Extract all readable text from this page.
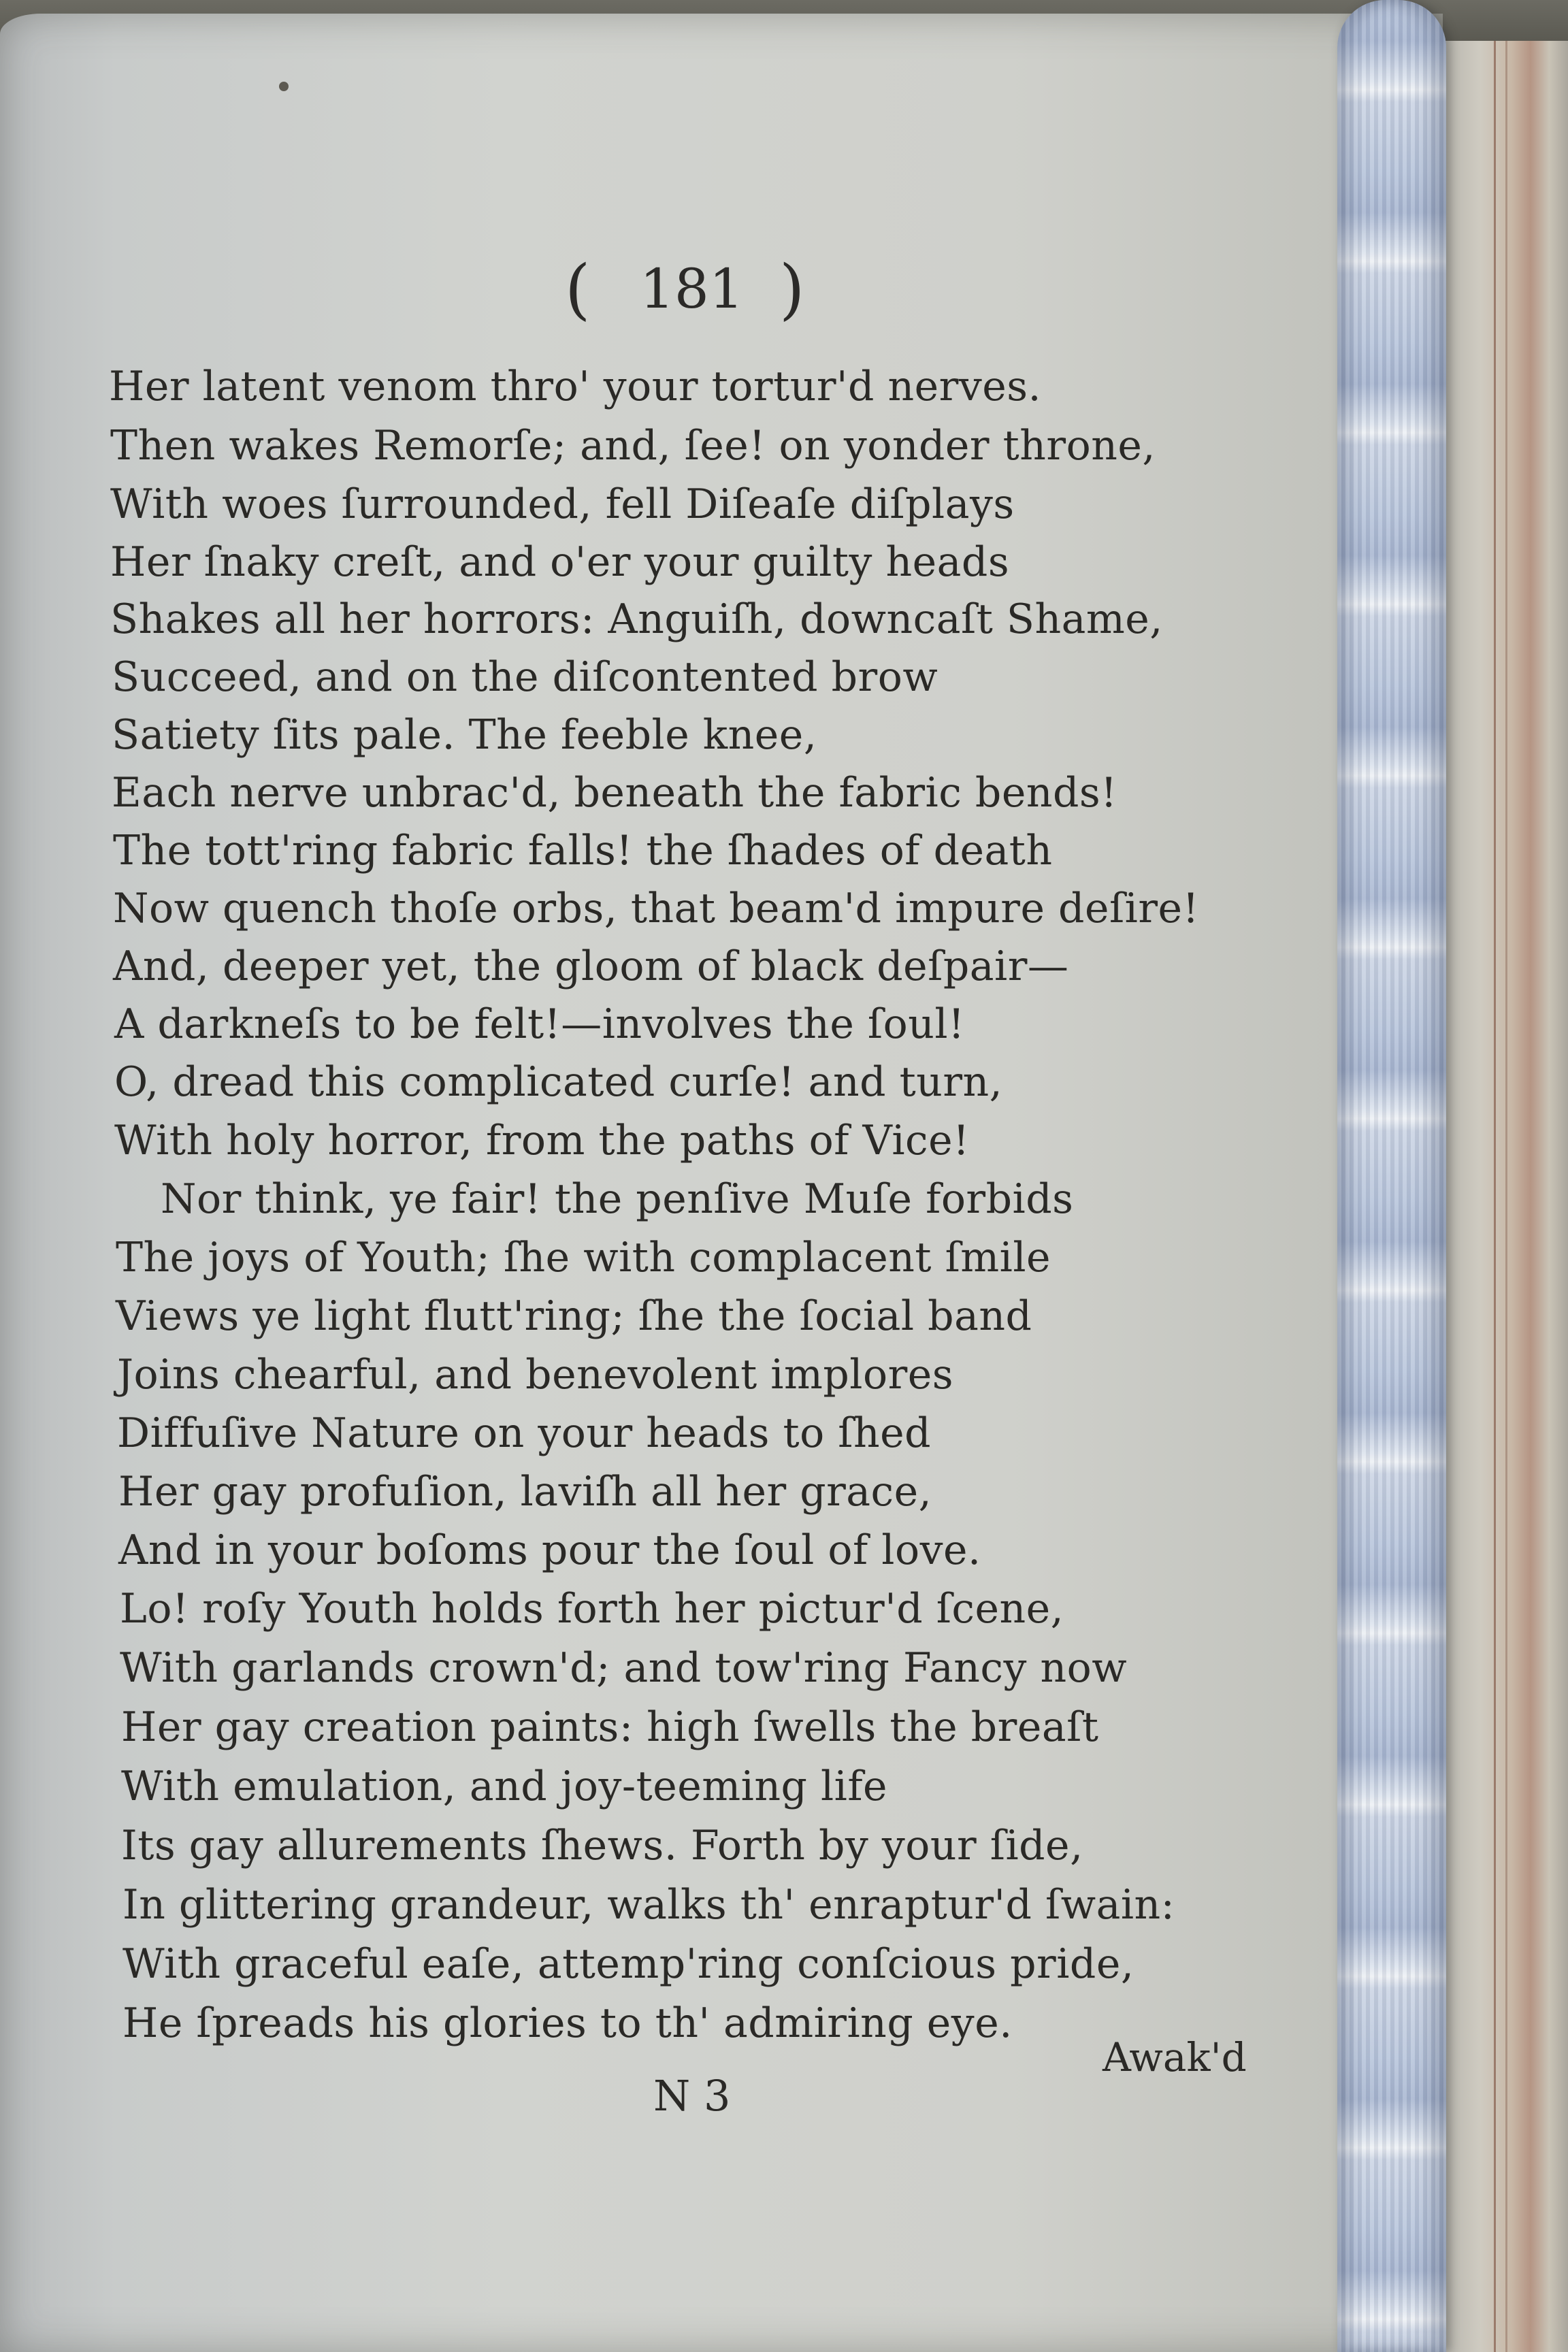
( 181 )
Her latent venom thro' your tortur'd nerves.
Then wakes Remorſe; and, ſee! on yonder throne,
With woes ſurrounded, fell Diſeaſe diſplays
Her ſnaky creſt, and o'er your guilty heads
Shakes all her horrors: Anguiſh, downcaſt Shame,
Succeed, and on the diſcontented brow
Satiety ſits pale. The feeble knee,
Each nerve unbrac'd, beneath the fabric bends!
The tott'ring fabric falls! the ſhades of death
Now quench thoſe orbs, that beam'd impure deſire!
And, deeper yet, the gloom of black deſpair—
A darkneſs to be felt!—involves the ſoul!
O, dread this complicated curſe! and turn,
With holy horror, from the paths of Vice!
Nor think, ye fair! the penſive Muſe forbids
The joys of Youth; ſhe with complacent ſmile
Views ye light flutt'ring; ſhe the ſocial band
Joins chearful, and benevolent implores
Diffuſive Nature on your heads to ſhed
Her gay profuſion, laviſh all her grace,
And in your boſoms pour the ſoul of love.
Lo! roſy Youth holds forth her pictur'd ſcene,
With garlands crown'd; and tow'ring Fancy now
Her gay creation paints: high ſwells the breaſt
With emulation, and joy-teeming life
Its gay allurements ſhews. Forth by your ſide,
In glittering grandeur, walks th' enraptur'd ſwain:
With graceful eaſe, attemp'ring conſcious pride,
He ſpreads his glories to th' admiring eye.
Awak'd
N 3
